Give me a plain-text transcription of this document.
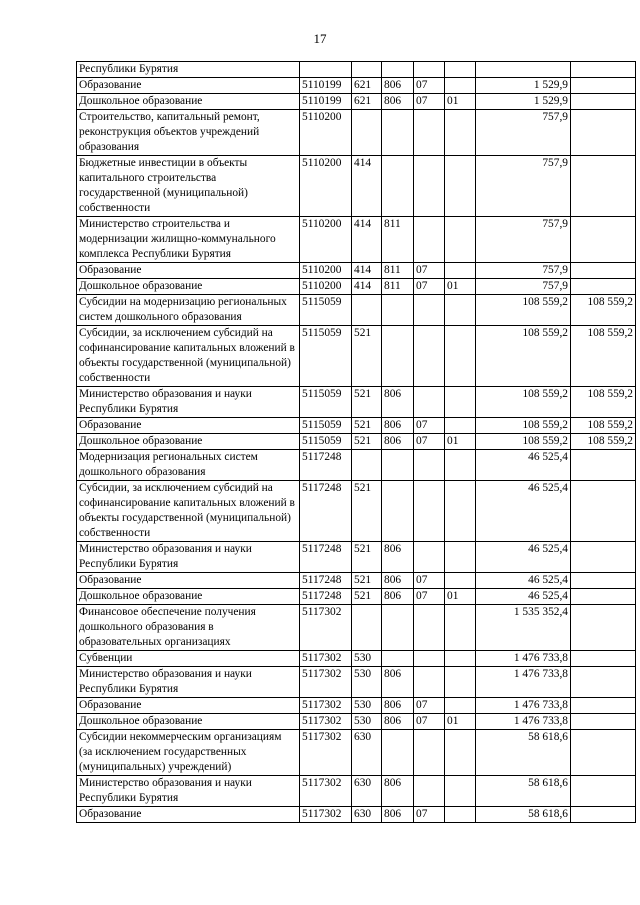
17
Республики Бурятия							
Образование	5110199	621	806	07		1 529,9	
Дошкольное образование	5110199	621	806	07	01	1 529,9	
Строительство, капитальный ремонт, реконструкция объектов учреждений образования	5110200					757,9	
Бюджетные инвестиции в объекты капитального строительства государственной (муниципальной) собственности	5110200	414				757,9	
Министерство строительства и модернизации жилищно-коммунального комплекса Республики Бурятия	5110200	414	811			757,9	
Образование	5110200	414	811	07		757,9	
Дошкольное образование	5110200	414	811	07	01	757,9	
Субсидии на модернизацию региональных систем дошкольного образования	5115059					108 559,2	108 559,2
Субсидии, за исключением субсидий на софинансирование капитальных вложений в объекты государственной (муниципальной) собственности	5115059	521				108 559,2	108 559,2
Министерство образования и науки Республики Бурятия	5115059	521	806			108 559,2	108 559,2
Образование	5115059	521	806	07		108 559,2	108 559,2
Дошкольное образование	5115059	521	806	07	01	108 559,2	108 559,2
Модернизация региональных систем дошкольного образования	5117248					46 525,4	
Субсидии, за исключением субсидий на софинансирование капитальных вложений в объекты государственной (муниципальной) собственности	5117248	521				46 525,4	
Министерство образования и науки Республики Бурятия	5117248	521	806			46 525,4	
Образование	5117248	521	806	07		46 525,4	
Дошкольное образование	5117248	521	806	07	01	46 525,4	
Финансовое обеспечение получения дошкольного образования в образовательных организациях	5117302					1 535 352,4	
Субвенции	5117302	530				1 476 733,8	
Министерство образования и науки Республики Бурятия	5117302	530	806			1 476 733,8	
Образование	5117302	530	806	07		1 476 733,8	
Дошкольное образование	5117302	530	806	07	01	1 476 733,8	
Субсидии некоммерческим организациям (за исключением государственных (муниципальных) учреждений)	5117302	630				58 618,6	
Министерство образования и науки Республики Бурятия	5117302	630	806			58 618,6	
Образование	5117302	630	806	07		58 618,6	
